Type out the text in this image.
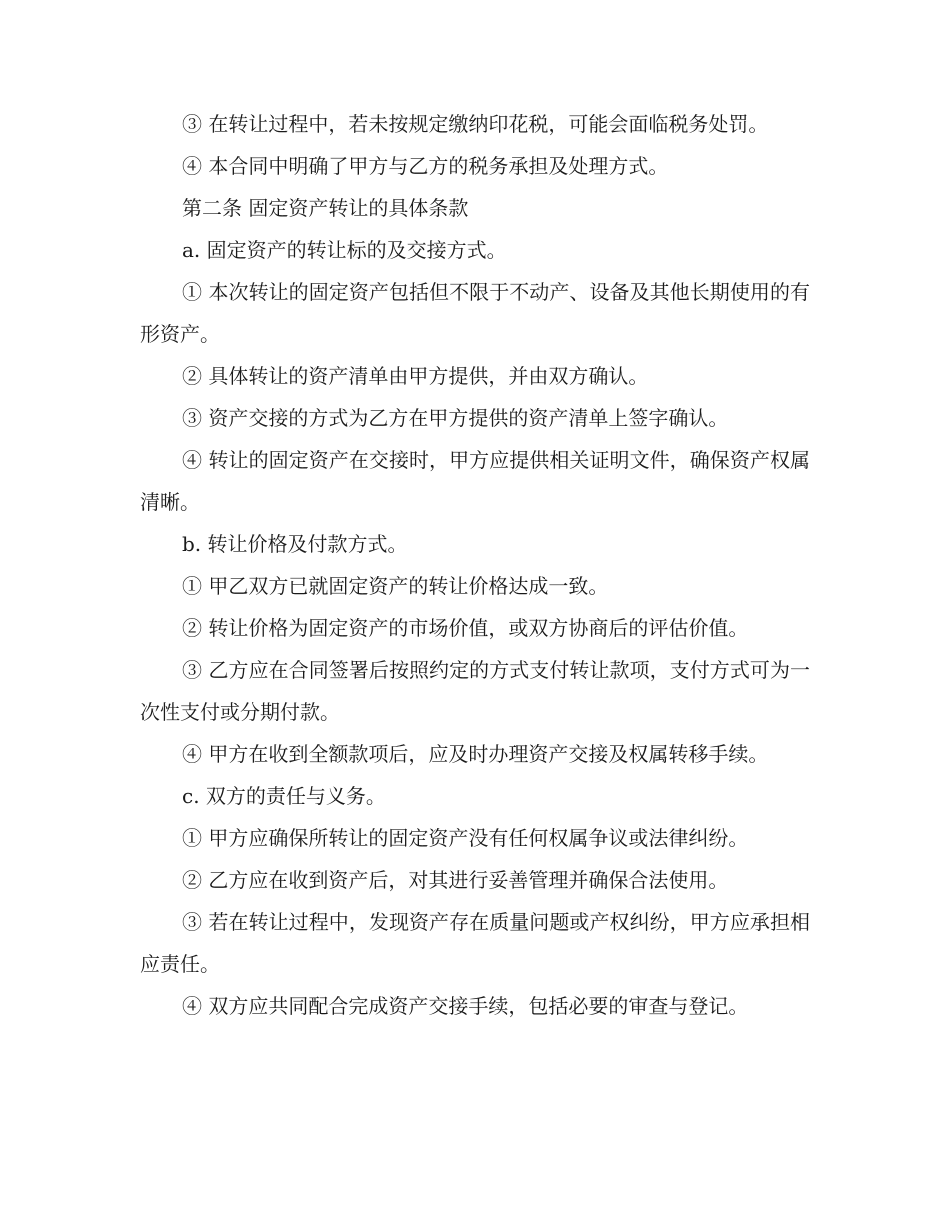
③ 在转让过程中，若未按规定缴纳印花税，可能会面临税务处罚。

④ 本合同中明确了甲方与乙方的税务承担及处理方式。

第二条 固定资产转让的具体条款

a. 固定资产的转让标的及交接方式。

① 本次转让的固定资产包括但不限于不动产、设备及其他长期使用的有形资产。

② 具体转让的资产清单由甲方提供，并由双方确认。

③ 资产交接的方式为乙方在甲方提供的资产清单上签字确认。

④ 转让的固定资产在交接时，甲方应提供相关证明文件，确保资产权属清晰。

b. 转让价格及付款方式。

① 甲乙双方已就固定资产的转让价格达成一致。

② 转让价格为固定资产的市场价值，或双方协商后的评估价值。

③ 乙方应在合同签署后按照约定的方式支付转让款项，支付方式可为一次性支付或分期付款。

④ 甲方在收到全额款项后，应及时办理资产交接及权属转移手续。

c. 双方的责任与义务。

① 甲方应确保所转让的固定资产没有任何权属争议或法律纠纷。

② 乙方应在收到资产后，对其进行妥善管理并确保合法使用。

③ 若在转让过程中，发现资产存在质量问题或产权纠纷，甲方应承担相应责任。

④ 双方应共同配合完成资产交接手续，包括必要的审查与登记。
